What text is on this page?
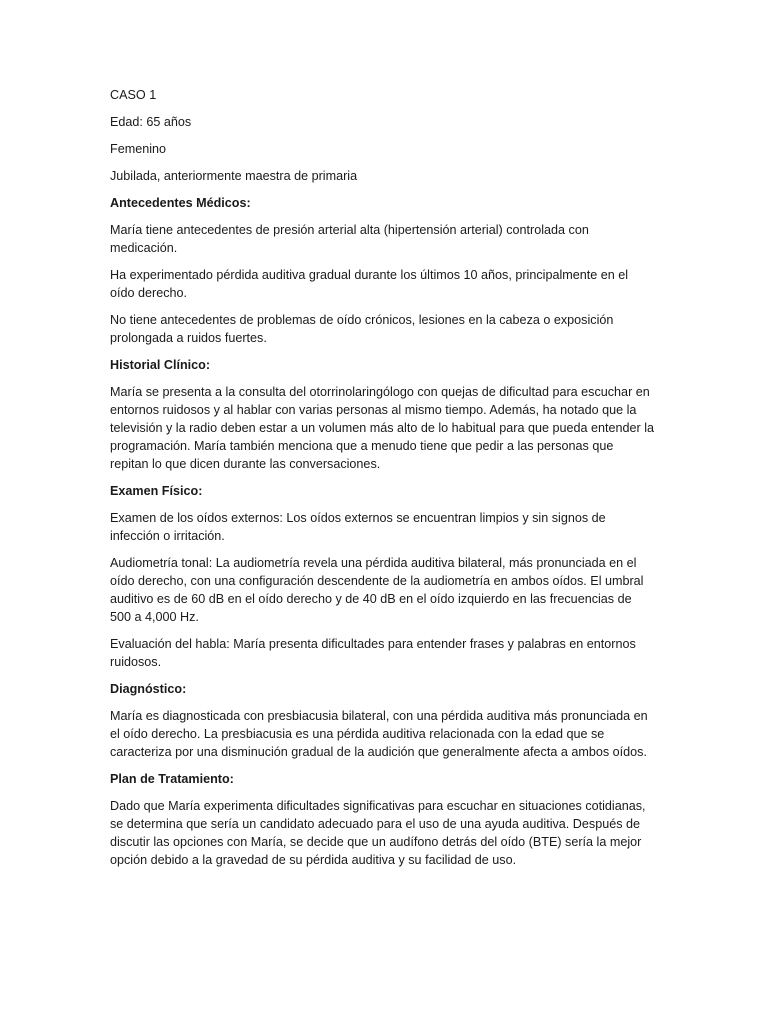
CASO 1

Edad: 65 años

Femenino

Jubilada, anteriormente maestra de primaria

Antecedentes Médicos:

María tiene antecedentes de presión arterial alta (hipertensión arterial) controlada con medicación.

Ha experimentado pérdida auditiva gradual durante los últimos 10 años, principalmente en el oído derecho.

No tiene antecedentes de problemas de oído crónicos, lesiones en la cabeza o exposición prolongada a ruidos fuertes.

Historial Clínico:

María se presenta a la consulta del otorrinolaringólogo con quejas de dificultad para escuchar en entornos ruidosos y al hablar con varias personas al mismo tiempo. Además, ha notado que la televisión y la radio deben estar a un volumen más alto de lo habitual para que pueda entender la programación. María también menciona que a menudo tiene que pedir a las personas que repitan lo que dicen durante las conversaciones.

Examen Físico:

Examen de los oídos externos: Los oídos externos se encuentran limpios y sin signos de infección o irritación.

Audiometría tonal: La audiometría revela una pérdida auditiva bilateral, más pronunciada en el oído derecho, con una configuración descendente de la audiometría en ambos oídos. El umbral auditivo es de 60 dB en el oído derecho y de 40 dB en el oído izquierdo en las frecuencias de 500 a 4,000 Hz.

Evaluación del habla: María presenta dificultades para entender frases y palabras en entornos ruidosos.

Diagnóstico:

María es diagnosticada con presbiacusia bilateral, con una pérdida auditiva más pronunciada en el oído derecho. La presbiacusia es una pérdida auditiva relacionada con la edad que se caracteriza por una disminución gradual de la audición que generalmente afecta a ambos oídos.

Plan de Tratamiento:

Dado que María experimenta dificultades significativas para escuchar en situaciones cotidianas, se determina que sería un candidato adecuado para el uso de una ayuda auditiva. Después de discutir las opciones con María, se decide que un audífono detrás del oído (BTE) sería la mejor opción debido a la gravedad de su pérdida auditiva y su facilidad de uso.
